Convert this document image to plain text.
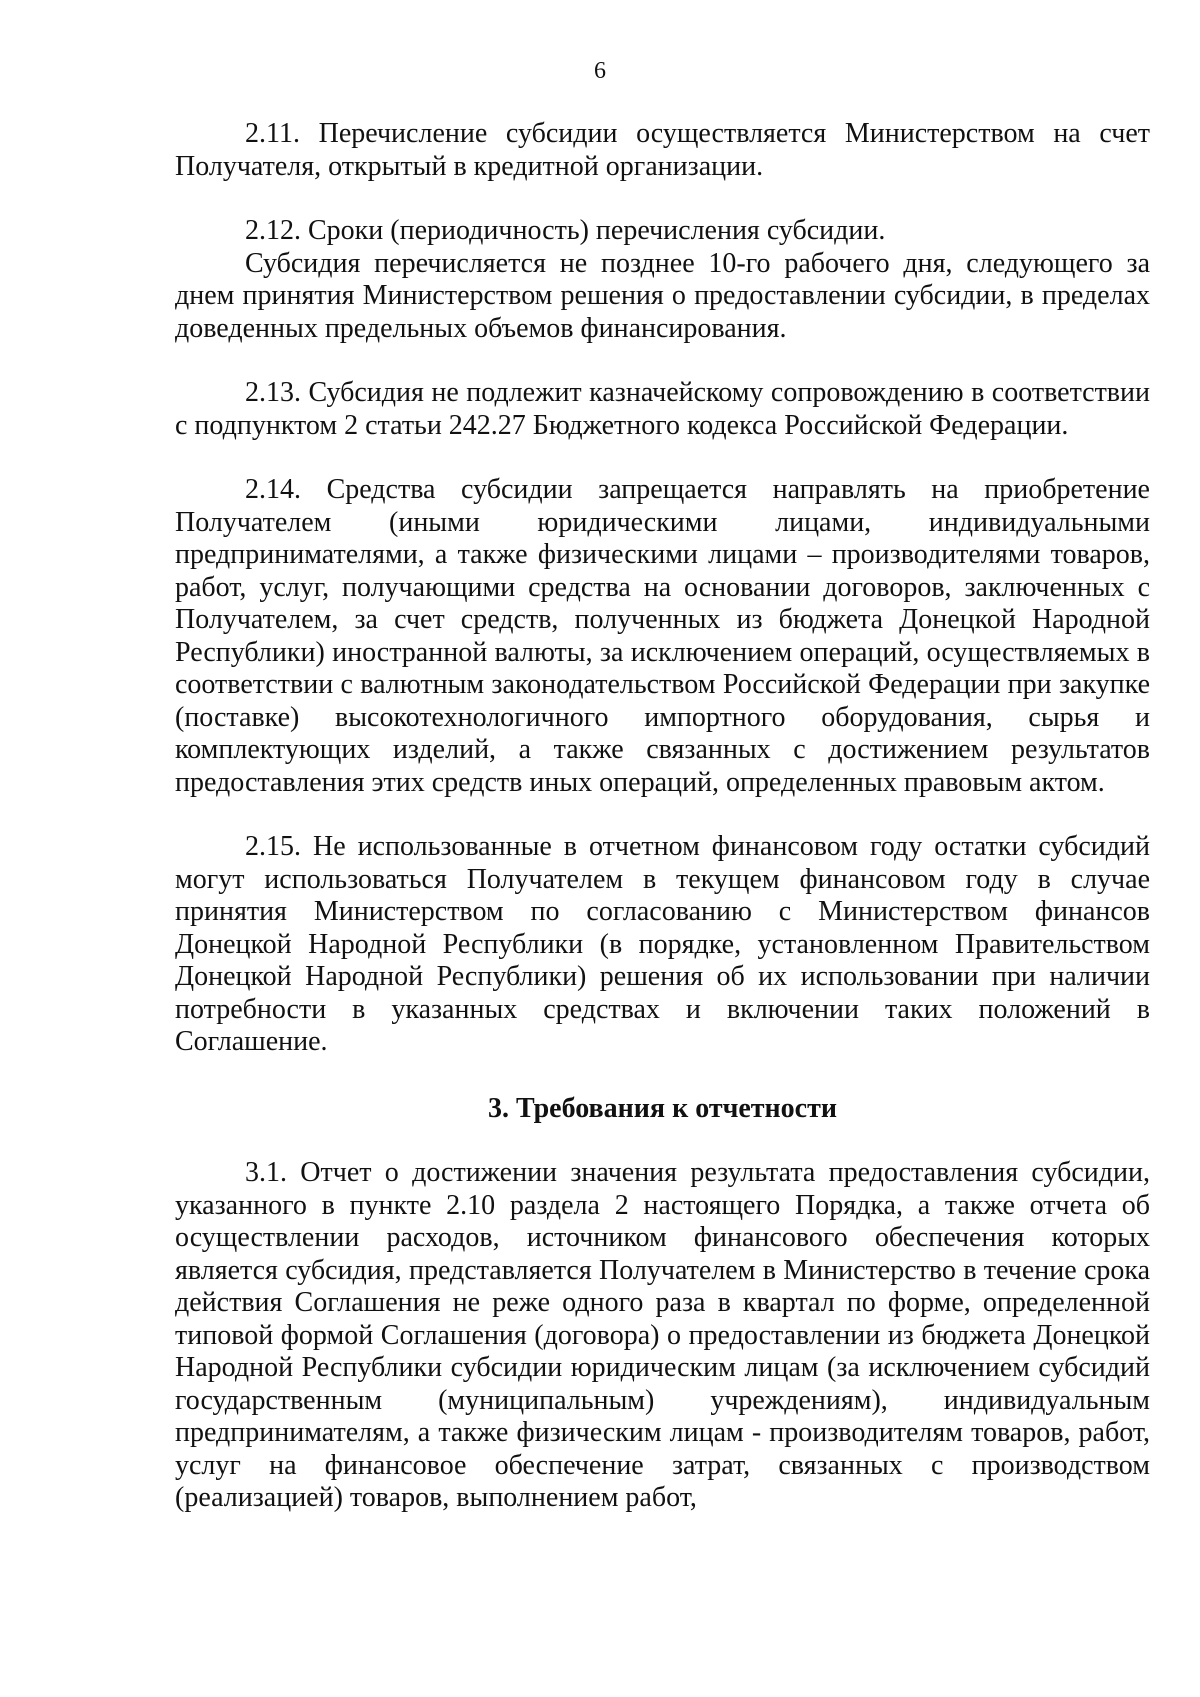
6

2.11. Перечисление субсидии осуществляется Министерством на счет Получателя, открытый в кредитной организации.

2.12. Сроки (периодичность) перечисления субсидии.

Субсидия перечисляется не позднее 10-го рабочего дня, следующего за днем принятия Министерством решения о предоставлении субсидии, в пределах доведенных предельных объемов финансирования.

2.13. Субсидия не подлежит казначейскому сопровождению в соответствии с подпунктом 2 статьи 242.27 Бюджетного кодекса Российской Федерации.

2.14. Средства субсидии запрещается направлять на приобретение Получателем (иными юридическими лицами, индивидуальными предпринимателями, а также физическими лицами – производителями товаров, работ, услуг, получающими средства на основании договоров, заключенных с Получателем, за счет средств, полученных из бюджета Донецкой Народной Республики) иностранной валюты, за исключением операций, осуществляемых в соответствии с валютным законодательством Российской Федерации при закупке (поставке) высокотехнологичного импортного оборудования, сырья и комплектующих изделий, а также связанных с достижением результатов предоставления этих средств иных операций, определенных правовым актом.

2.15. Не использованные в отчетном финансовом году остатки субсидий могут использоваться Получателем в текущем финансовом году в случае принятия Министерством по согласованию с Министерством финансов Донецкой Народной Республики (в порядке, установленном Правительством Донецкой Народной Республики) решения об их использовании при наличии потребности в указанных средствах и включении таких положений в Соглашение.

3. Требования к отчетности

3.1. Отчет о достижении значения результата предоставления субсидии, указанного в пункте 2.10 раздела 2 настоящего Порядка, а также отчета об осуществлении расходов, источником финансового обеспечения которых является субсидия, представляется Получателем в Министерство в течение срока действия Соглашения не реже одного раза в квартал по форме, определенной типовой формой Соглашения (договора) о предоставлении из бюджета Донецкой Народной Республики субсидии юридическим лицам (за исключением субсидий государственным (муниципальным) учреждениям), индивидуальным предпринимателям, а также физическим лицам - производителям товаров, работ, услуг на финансовое обеспечение затрат, связанных с производством (реализацией) товаров, выполнением работ,
